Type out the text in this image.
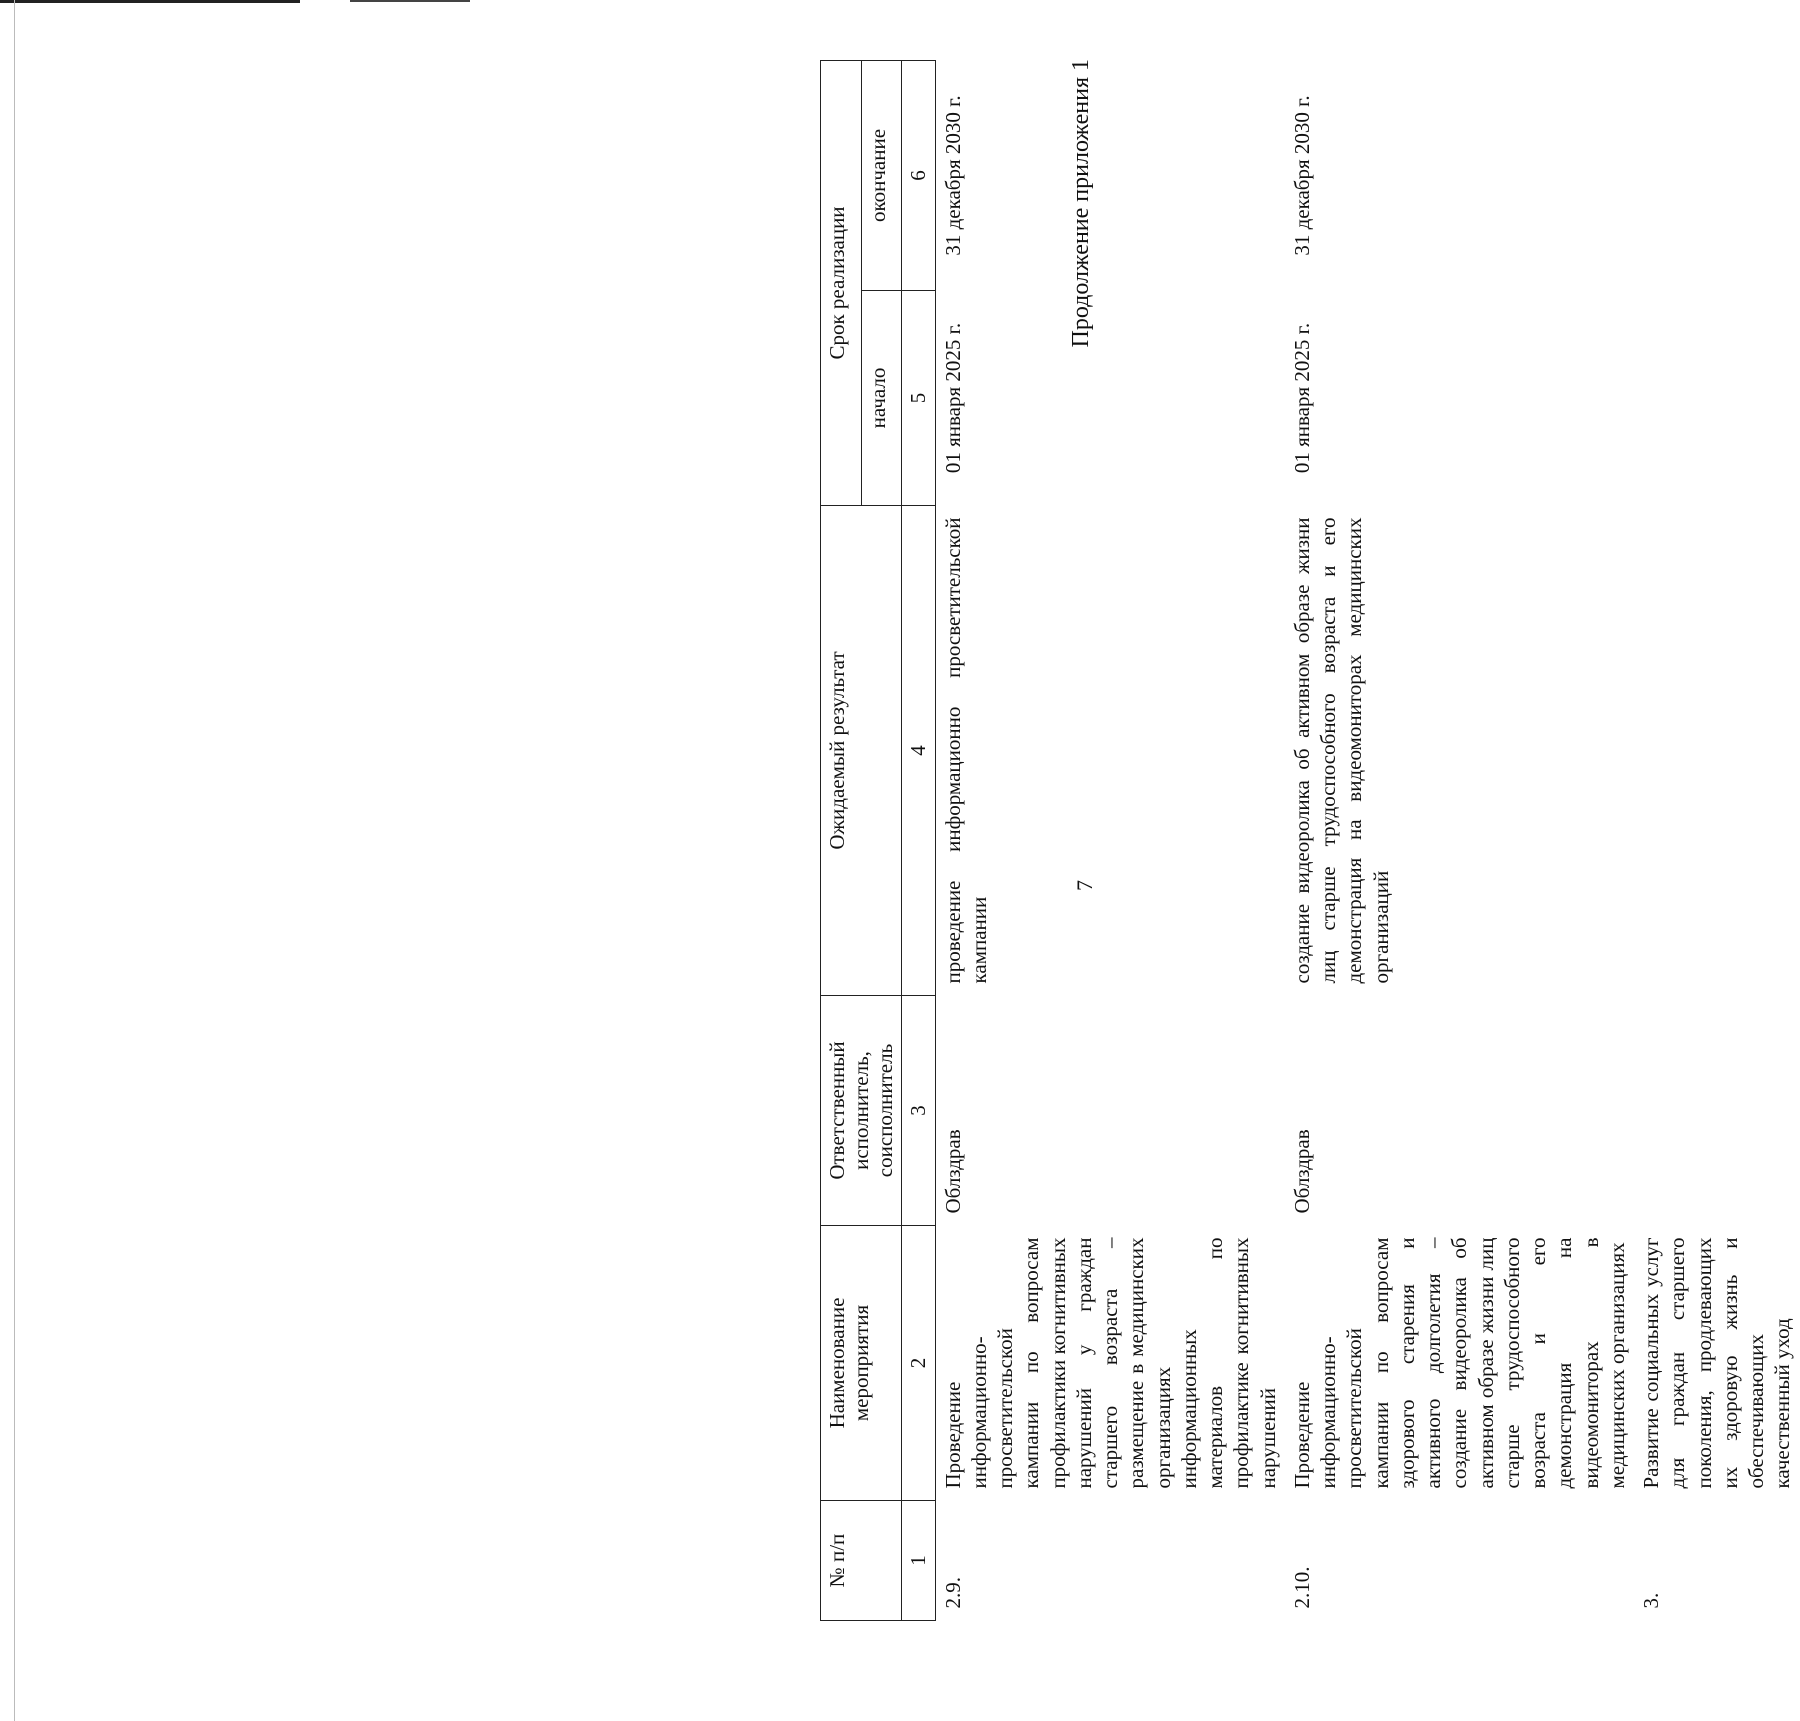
Продолжение приложения 1
7
№ п/п	Наименование мероприятия	Ответственный исполнитель, соисполнитель	Ожидаемый результат	Срок реализации	
				начало	окончание
1	2	3	4	5	6
2.9.	Проведение информационно-просветительской кампании по вопросам профилактики когнитивных нарушений у граждан старшего возраста – размещение в медицинских организациях информационных материалов по профилактике когнитивных нарушений	Облздрав	проведение информационно просветительской кампании	01 января 2025 г.	31 декабря 2030 г.
2.10.	Проведение информационно-просветительской кампании по вопросам здорового старения и активного долголетия – создание видеоролика об активном образе жизни лиц старше трудоспособного возраста и его демонстрация на видеомониторах в медицинских организациях	Облздрав	создание видеоролика об активном образе жизни лиц старше трудоспособного возраста и его демонстрация на видеомониторах медицинских организаций	01 января 2025 г.	31 декабря 2030 г.
3.	Развитие социальных услуг для граждан старшего поколения, продлевающих их здоровую жизнь и обеспечивающих качественный уход				
